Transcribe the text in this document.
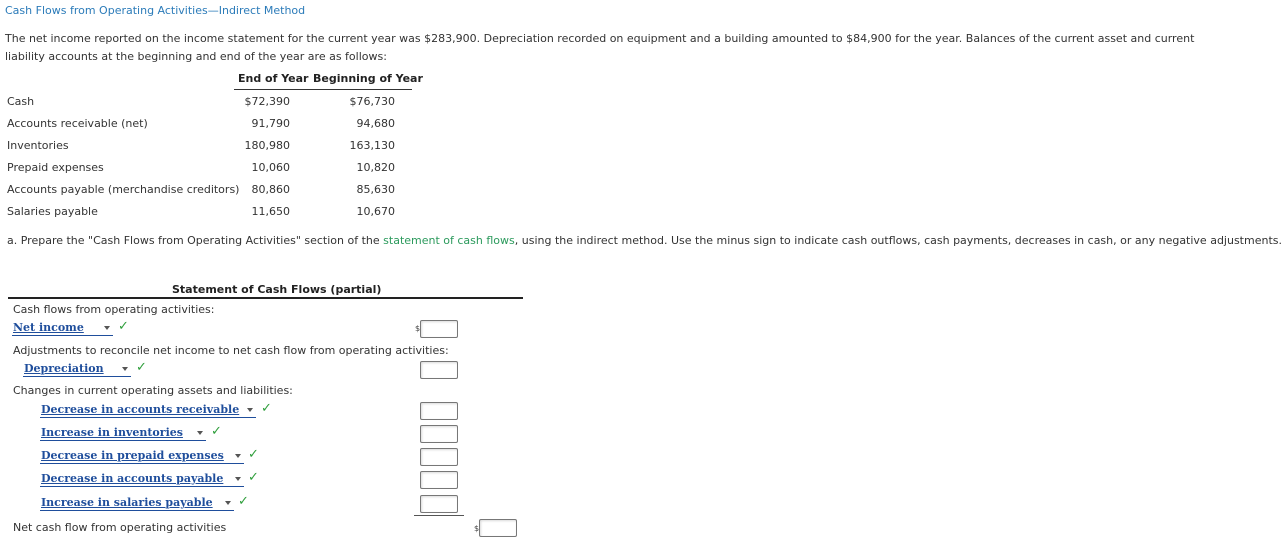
Cash Flows from Operating Activities—Indirect Method
The net income reported on the income statement for the current year was $283,900. Depreciation recorded on equipment and a building amounted to $84,900 for the year. Balances of the current asset and current liability accounts at the beginning and end of the year are as follows:
End of Year Beginning of Year
Cash	$72,390	$76,730
Accounts receivable (net)	91,790	94,680
Inventories	180,980	163,130
Prepaid expenses	10,060	10,820
Accounts payable (merchandise creditors)	80,860	85,630
Salaries payable	11,650	10,670
a. Prepare the "Cash Flows from Operating Activities" section of the statement of cash flows, using the indirect method. Use the minus sign to indicate cash outflows, cash payments, decreases in cash, or any negative adjustments.
Statement of Cash Flows (partial)
Cash flows from operating activities:
Net income	✓	$
Adjustments to reconcile net income to net cash flow from operating activities:
Depreciation ✓
Changes in current operating assets and liabilities:
Decrease in accounts receivable ✓
Increase in inventories ✓
Decrease in prepaid expenses ✓
Decrease in accounts payable ✓
Increase in salaries payable ✓
Net cash flow from operating activities	$
